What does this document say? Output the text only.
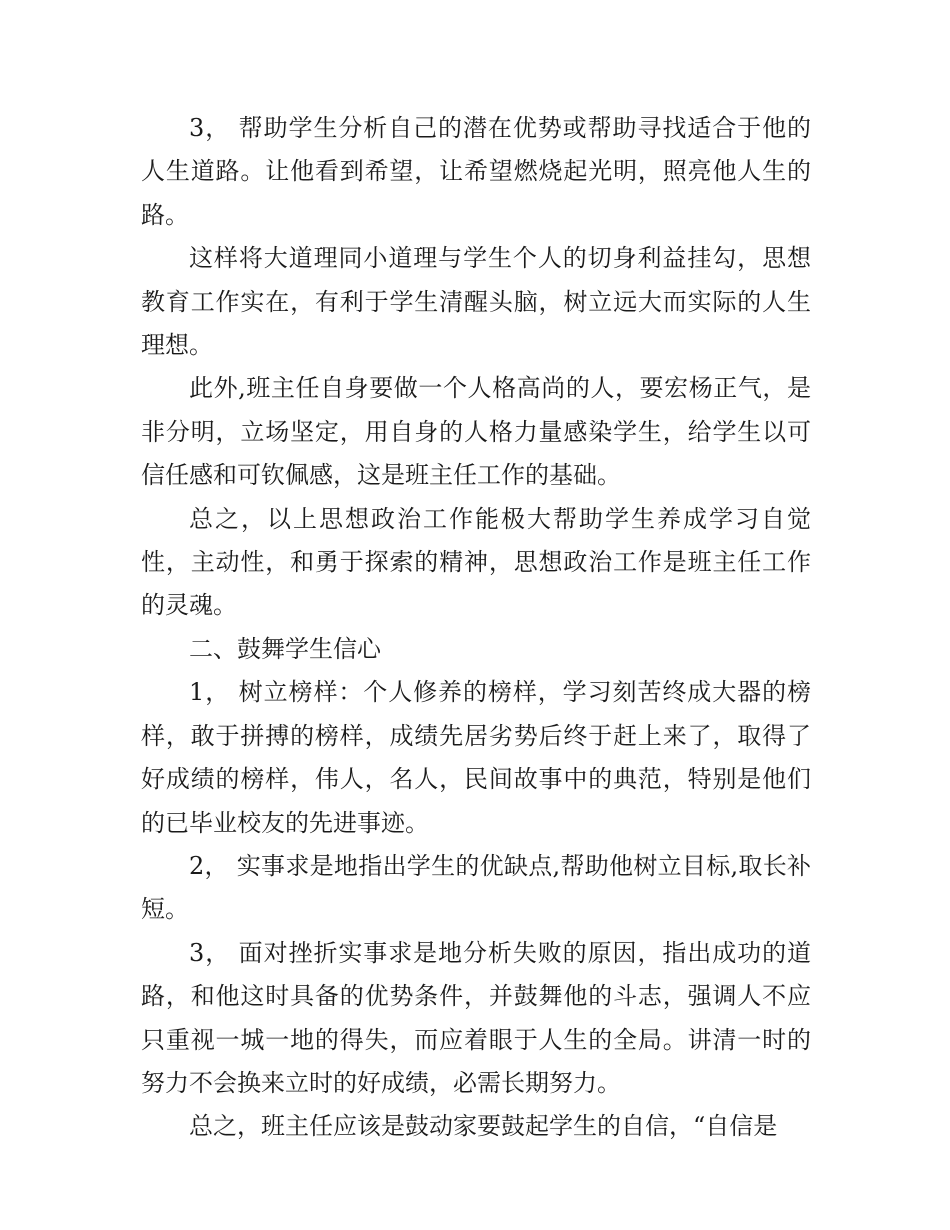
3， 帮助学生分析自己的潜在优势或帮助寻找适合于他的人生道路。让他看到希望，让希望燃烧起光明，照亮他人生的路。

这样将大道理同小道理与学生个人的切身利益挂勾，思想教育工作实在，有利于学生清醒头脑，树立远大而实际的人生理想。

此外,班主任自身要做一个人格高尚的人，要宏杨正气，是非分明，立场坚定，用自身的人格力量感染学生，给学生以可信任感和可钦佩感，这是班主任工作的基础。

总之，以上思想政治工作能极大帮助学生养成学习自觉性，主动性，和勇于探索的精神，思想政治工作是班主任工作的灵魂。

二、鼓舞学生信心

1， 树立榜样：个人修养的榜样，学习刻苦终成大器的榜样，敢于拼搏的榜样，成绩先居劣势后终于赶上来了，取得了好成绩的榜样，伟人，名人，民间故事中的典范，特别是他们的已毕业校友的先进事迹。

2， 实事求是地指出学生的优缺点,帮助他树立目标,取长补短。

3， 面对挫折实事求是地分析失败的原因，指出成功的道路，和他这时具备的优势条件，并鼓舞他的斗志，强调人不应只重视一城一地的得失，而应着眼于人生的全局。讲清一时的努力不会换来立时的好成绩，必需长期努力。

总之，班主任应该是鼓动家要鼓起学生的自信，“自信是
